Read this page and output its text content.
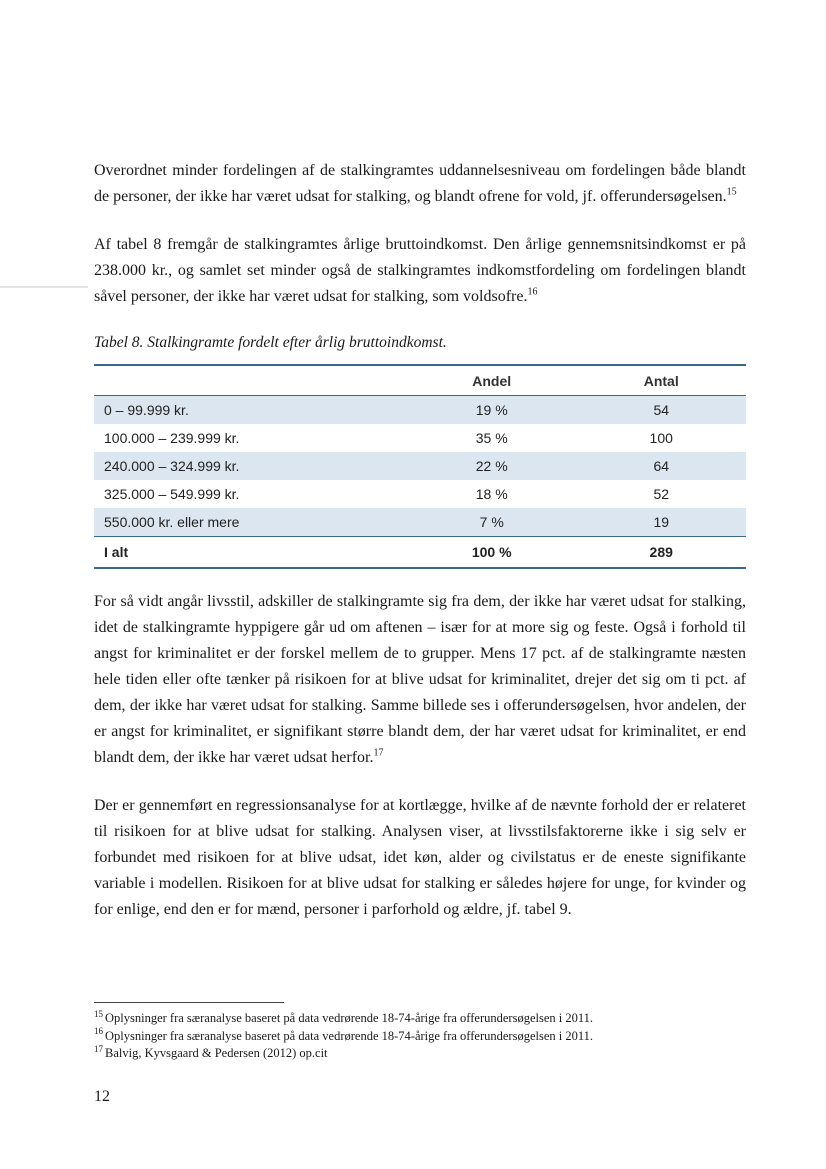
Overordnet minder fordelingen af de stalkingramtes uddannelsesniveau om fordelingen både blandt de personer, der ikke har været udsat for stalking, og blandt ofrene for vold, jf. offerundersøgelsen.$^{15}$

Af tabel 8 fremgår de stalkingramtes årlige bruttoindkomst. Den årlige gennemsnitsindkomst er på 238.000 kr., og samlet set minder også de stalkingramtes indkomstfordeling om fordelingen blandt såvel personer, der ikke har været udsat for stalking, som voldsofre.$^{16}$

Tabel 8. Stalkingramte fordelt efter årlig bruttoindkomst.

	Andel	Antal
0 – 99.999 kr.	19 %	54
100.000 – 239.999 kr.	35 %	100
240.000 – 324.999 kr.	22 %	64
325.000 – 549.999 kr.	18 %	52
550.000 kr. eller mere	7 %	19
I alt	100 %	289

For så vidt angår livsstil, adskiller de stalkingramte sig fra dem, der ikke har været udsat for stalking, idet de stalkingramte hyppigere går ud om aftenen – især for at more sig og feste. Også i forhold til angst for kriminalitet er der forskel mellem de to grupper. Mens 17 pct. af de stalkingramte næsten hele tiden eller ofte tænker på risikoen for at blive udsat for kriminalitet, drejer det sig om ti pct. af dem, der ikke har været udsat for stalking. Samme billede ses i offerundersøgelsen, hvor andelen, der er angst for kriminalitet, er signifikant større blandt dem, der har været udsat for kriminalitet, er end blandt dem, der ikke har været udsat herfor.$^{17}$

Der er gennemført en regressionsanalyse for at kortlægge, hvilke af de nævnte forhold der er relateret til risikoen for at blive udsat for stalking. Analysen viser, at livsstilsfaktorerne ikke i sig selv er forbundet med risikoen for at blive udsat, idet køn, alder og civilstatus er de eneste signifikante variable i modellen. Risikoen for at blive udsat for stalking er således højere for unge, for kvinder og for enlige, end den er for mænd, personer i parforhold og ældre, jf. tabel 9.

$^{15}$ Oplysninger fra særanalyse baseret på data vedrørende 18-74-årige fra offerundersøgelsen i 2011.
$^{16}$ Oplysninger fra særanalyse baseret på data vedrørende 18-74-årige fra offerundersøgelsen i 2011.
$^{17}$ Balvig, Kyvsgaard & Pedersen (2012) op.cit
12
